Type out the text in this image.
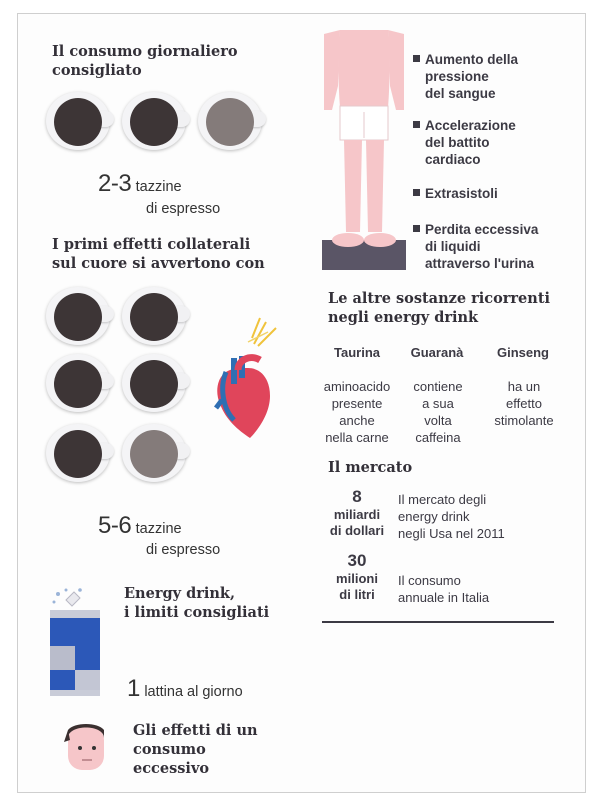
Il consumo giornaliero
consigliato
2-3 tazzine
di espresso
I primi effetti collaterali
sul cuore si avvertono con
5-6 tazzine
di espresso
Energy drink,
i limiti consigliati
1 lattina al giorno
Gli effetti di un
consumo
eccessivo
Aumento della
pressione
del sangue
Accelerazione
del battito
cardiaco
Extrasistoli
Perdita eccessiva
di liquidi
attraverso l'urina
Le altre sostanze ricorrenti
negli energy drink
Taurina	Guaranà	Ginseng
aminoacido
presente
anche
nella carne
contiene
a sua
volta
caffeina
ha un
effetto
stimolante
Il mercato
8
miliardi
di dollari
Il mercato degli
energy drink
negli Usa nel 2011
30
milioni
di litri
Il consumo
annuale in Italia
